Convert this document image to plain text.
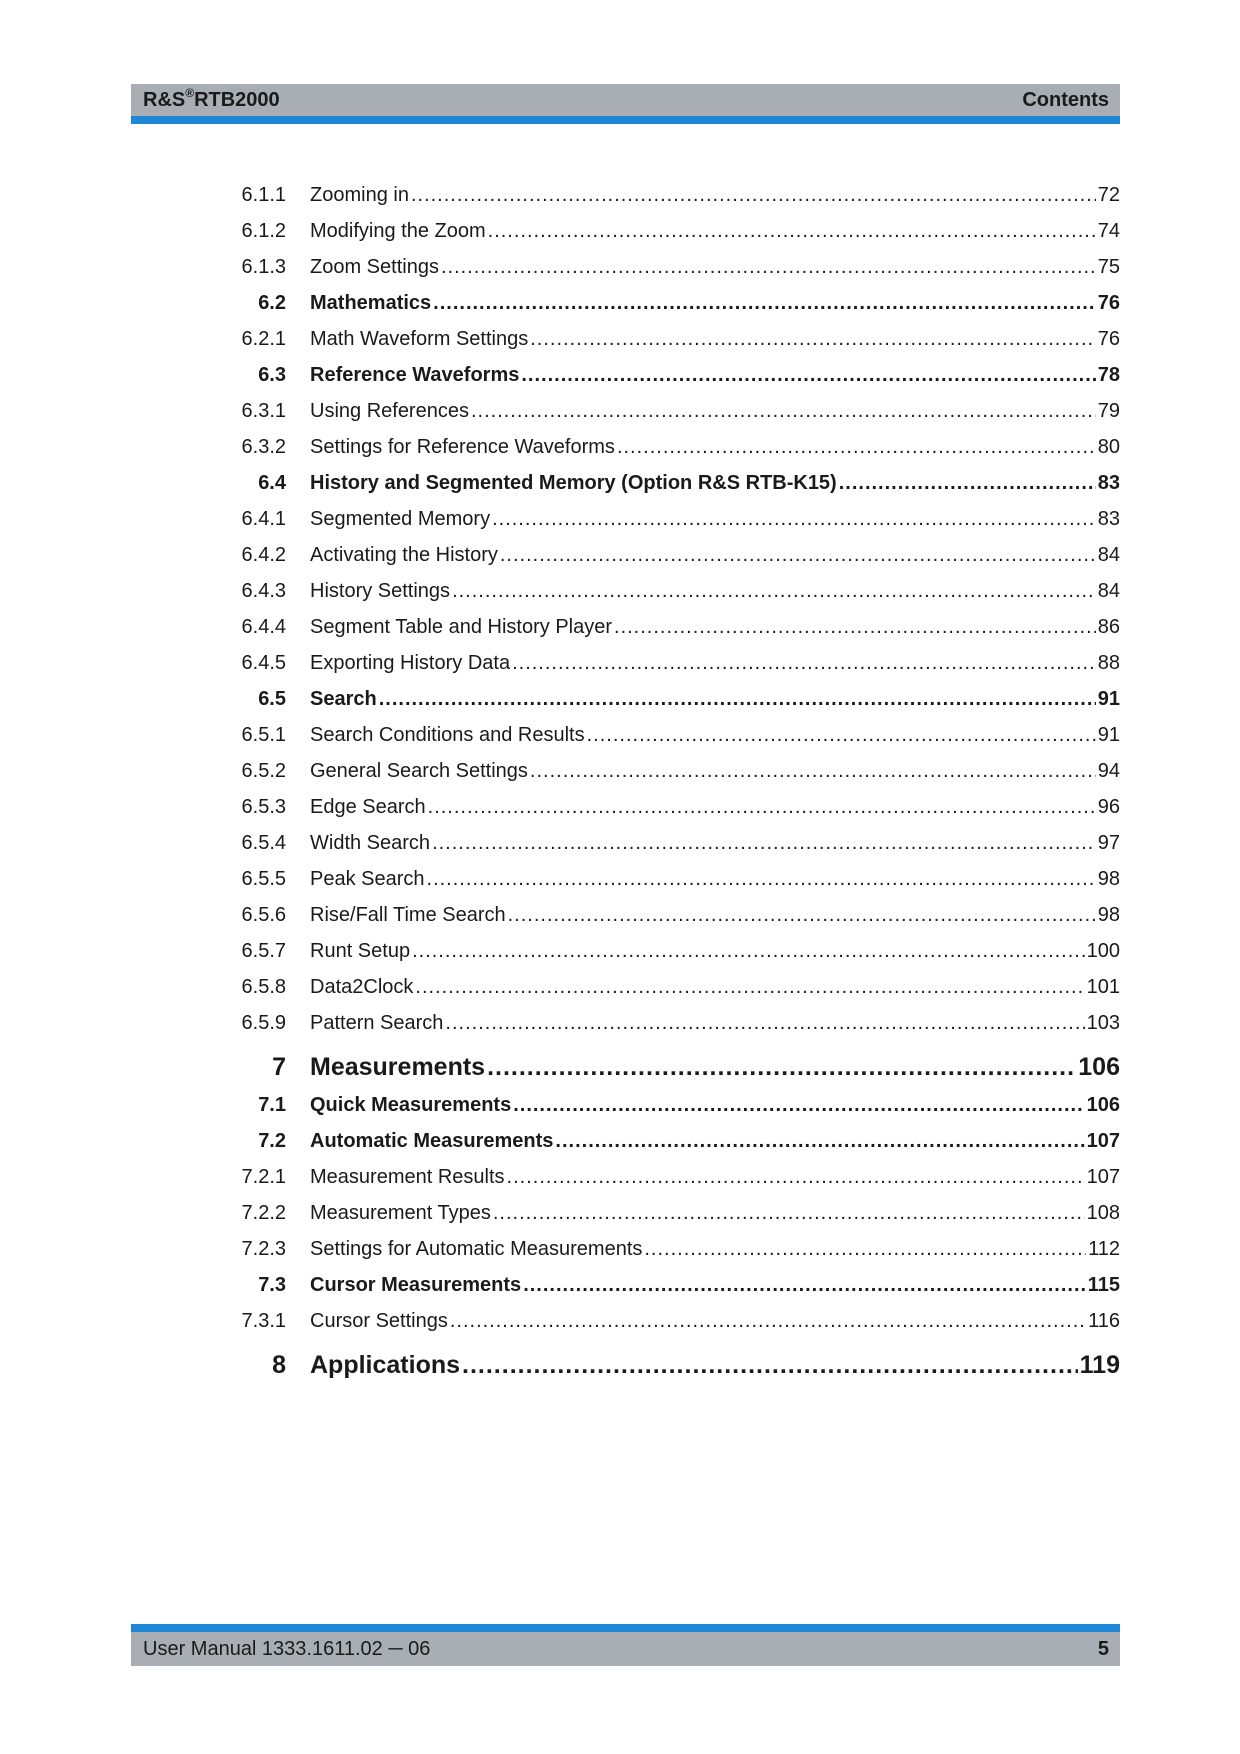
R&S®RTB2000	Contents
6.1.1 Zooming in .....	72
6.1.2 Modifying the Zoom .....	74
6.1.3 Zoom Settings .....	75
6.2 Mathematics .....	76
6.2.1 Math Waveform Settings .....	76
6.3 Reference Waveforms .....	78
6.3.1 Using References .....	79
6.3.2 Settings for Reference Waveforms .....	80
6.4 History and Segmented Memory (Option R&S RTB-K15) .....	83
6.4.1 Segmented Memory .....	83
6.4.2 Activating the History .....	84
6.4.3 History Settings .....	84
6.4.4 Segment Table and History Player .....	86
6.4.5 Exporting History Data .....	88
6.5 Search .....	91
6.5.1 Search Conditions and Results .....	91
6.5.2 General Search Settings .....	94
6.5.3 Edge Search .....	96
6.5.4 Width Search .....	97
6.5.5 Peak Search .....	98
6.5.6 Rise/Fall Time Search .....	98
6.5.7 Runt Setup .....	100
6.5.8 Data2Clock .....	101
6.5.9 Pattern Search .....	103
7 Measurements .....	106
7.1 Quick Measurements .....	106
7.2 Automatic Measurements .....	107
7.2.1 Measurement Results .....	107
7.2.2 Measurement Types .....	108
7.2.3 Settings for Automatic Measurements .....	112
7.3 Cursor Measurements .....	115
7.3.1 Cursor Settings .....	116
8 Applications .....	119
User Manual 1333.1611.02 ─ 06	5
